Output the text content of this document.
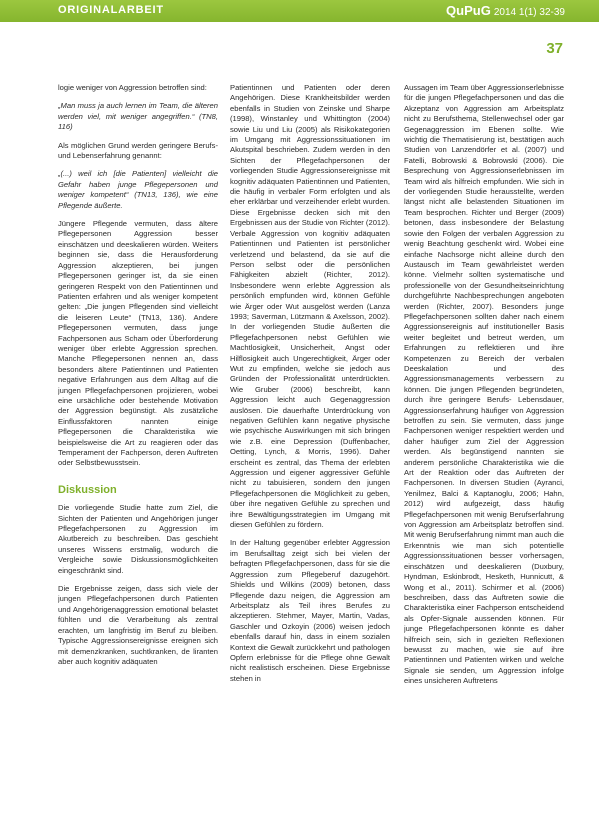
ORIGINALARBEIT	QuPuG 2014 1(1) 32-39
37

logie weniger von Aggression betroffen sind:

„Man muss ja auch lernen im Team, die älteren werden viel, mit weniger angegriffen.“ (TN8, 116)

Als möglichen Grund werden geringere Berufs- und Lebenserfahrung genannt:

„(...) weil ich [die Patienten] vielleicht die Gefahr haben junge Pflegepersonen und weniger kompetent“ (TN13, 136), wie eine Pflegende äußerte.

Jüngere Pflegende vermuten, dass ältere Pflegepersonen Aggression besser einschätzen und deeskalieren würden. Weiters beginnen sie, dass die Herausforderung Aggression akzeptieren, bei jungen Pflegepersonen geringer ist, da sie einen geringeren Respekt von den Patientinnen und Patienten erfahren und als weniger kompetent gelten: „Die jungen Pflegenden sind vielleicht die leiseren Leute“ (TN13, 136). Andere Pflegepersonen vermuten, dass junge Fachpersonen aus Scham oder Überforderung weniger über erlebte Aggression sprechen. Manche Pflegepersonen nennen an, dass besonders ältere Patientinnen und Patienten negative Erfahrungen aus dem Alltag auf die jungen Pflegefachpersonen projizieren, wobei eine ursächliche oder bestehende Motivation der Aggression begünstigt. Als zusätzliche Einflussfaktoren nannten einige Pflegepersonen die Charakteristika wie beispielsweise die Art zu reagieren oder das Temperament der Fachperson, deren Auftreten oder Selbstbewusstsein.

Diskussion

Die vorliegende Studie hatte zum Ziel, die Sichten der Patienten und Angehörigen junger Pflegefachpersonen zu Aggression im Akutbereich zu beschreiben. Das geschieht unseres Wissens erstmalig, wodurch die Vergleiche sowie Diskussionsmöglichkeiten eingeschränkt sind.

Die Ergebnisse zeigen, dass sich viele der jungen Pflegefachpersonen durch Patienten und Angehörigenaggression emotional belastet fühlten und die Verarbeitung als zentral erachten, um langfristig im Beruf zu bleiben. Typische Aggressionsereignisse ereignen sich mit demenzkranken, suchtkranken, de liranten aber auch kognitiv adäquaten

Patientinnen und Patienten oder deren Angehörigen. Diese Krankheitsbilder werden ebenfalls in Studien von Zeinske und Sharpe (1998), Winstanley und Whittington (2004) sowie Liu und Liu (2005) als Risikokategorien im Umgang mit Aggressionssituationen im Akutspital beschrieben. Zudem werden in den Sichten der Pflegefachpersonen der vorliegenden Studie Aggressionsereignisse mit kognitiv adäquaten Patientinnen und Patienten, die häufig in verbaler Form erfolgten und als eher erklärbar und verzeihender erlebt wurden. Diese Ergebnisse decken sich mit den Ergebnissen aus der Studie von Richter (2012). Verbale Aggression von kognitiv adäquaten Patientinnen und Patienten ist persönlicher verletzend und belastend, da sie auf die Person selbst oder die persönlichen Fähigkeiten abzielt (Richter, 2012). Insbesondere wenn erlebte Aggression als persönlich empfunden wird, können Gefühle wie Ärger oder Wut ausgelöst werden (Lanza 1993; Saverman, Lützmann & Axelsson, 2002). In der vorliegenden Studie äußerten die Pflegefachpersonen nebst Gefühlen wie Machtlosigkeit, Unsicherheit, Angst oder Hilflosigkeit auch Ungerechtigkeit, Ärger oder Wut zu empfinden, welche sie jedoch aus Gründen der Professionalität unterdrückten. Wie Gruber (2006) beschreibt, kann Aggression leicht auch Gegenaggression auslösen. Die dauerhafte Unterdrückung von negativen Gefühlen kann negative physische wie psychische Auswirkungen mit sich bringen wie z.B. eine Depression (Duffenbacher, Oetting, Lynch, & Morris, 1996). Daher erscheint es zentral, das Thema der erlebten Aggression und eigener aggressiver Gefühle nicht zu tabuisieren, sondern den jungen Pflegefachpersonen die Möglichkeit zu geben, über ihre negativen Gefühle zu sprechen und ihre Bewältigungsstrategien im Umgang mit diesen Gefühlen zu fördern.

In der Haltung gegenüber erlebter Aggression im Berufsalltag zeigt sich bei vielen der befragten Pflegefachpersonen, dass für sie die Aggression zum Pflegeberuf dazugehört. Shields und Wilkins (2009) betonen, dass Pflegende dazu neigen, die Aggression am Arbeitsplatz als Teil ihres Berufes zu akzeptieren. Stehmer, Mayer, Martin, Vadas, Gaschler und Ozkoyin (2006) weisen jedoch ebenfalls darauf hin, dass in einem sozialen Kontext die Gewalt zurückkehrt und pathologen Opfern erlebnisse für die Pflege ohne Gewalt nicht realistisch erscheinen. Diese Ergebnisse stehen in

Aussagen im Team über Aggressionserlebnisse für die jungen Pflegefachpersonen und das die Akzeptanz von Aggression am Arbeitsplatz nicht zu Berufsthema, Stellenwechsel oder gar Gegenaggression im Ebenen sollte. Wie wichtig die Thematisierung ist, bestätigen auch Studien von Lanzendörfer et al. (2007) und Fatelli, Bobrowski & Bobrowski (2006). Die Besprechung von Aggressionserlebnissen im Team wird als hilfreich empfunden. Wie sich in der vorliegenden Studie herausstellte, werden längst nicht alle belastenden Situationen im Team besprochen. Richter und Berger (2009) betonen, dass insbesondere der Belastung sowie den Folgen der verbalen Aggression zu wenig Beachtung geschenkt wird. Wobei eine einfache Nachsorge nicht alleine durch den Austausch im Team gewährleistet werden könne. Vielmehr sollten systematische und professionelle von der Gesundheitseinrichtung durchgeführte Nachbesprechungen angeboten werden (Richter, 2007). Besonders junge Pflegefachpersonen sollten daher nach einem Aggressionsereignis auf institutioneller Basis weiter begleitet und betreut werden, um Erfahrungen zu reflektieren und ihre Kompetenzen zu Bereich der verbalen Deeskalation und des Aggressionsmanagements verbessern zu können. Die jungen Pflegenden begründeten, durch ihre geringere Berufs- Lebensdauer, Aggressionserfahrung häufiger von Aggression betroffen zu sein. Sie vermuten, dass junge Fachpersonen weniger respektiert werden und daher häufiger zum Ziel der Aggression werden. Als begünstigend nannten sie anderem persönliche Charakteristika wie die Art der Reaktion oder das Auftreten der Fachpersonen. In diversen Studien (Ayranci, Yenilmez, Balci & Kaptanoglu, 2006; Hahn, 2012) wird aufgezeigt, dass häufig Pflegefachpersonen mit wenig Berufserfahrung von Aggression am Arbeitsplatz betroffen sind. Mit wenig Berufserfahrung nimmt man auch die Erkenntnis wie man sich potentielle Aggressionssituationen besser vorhersagen, einschätzen und deeskalieren (Duxbury, Hyndman, Eskinbrodt, Hesketh, Hunnicutt, & Wong et al., 2011). Schirmer et al. (2006) beschreiben, dass das Auftreten sowie die Charakteristika einer Fachperson entscheidend als Opfer-Signale aussenden können. Für junge Pflegefachpersonen könnte es daher hilfreich sein, sich in gezielten Reflexionen bewusst zu machen, wie sie auf ihre Patientinnen und Patienten wirken und welche Signale sie senden, um Aggression infolge eines unsicheren Auftretens
